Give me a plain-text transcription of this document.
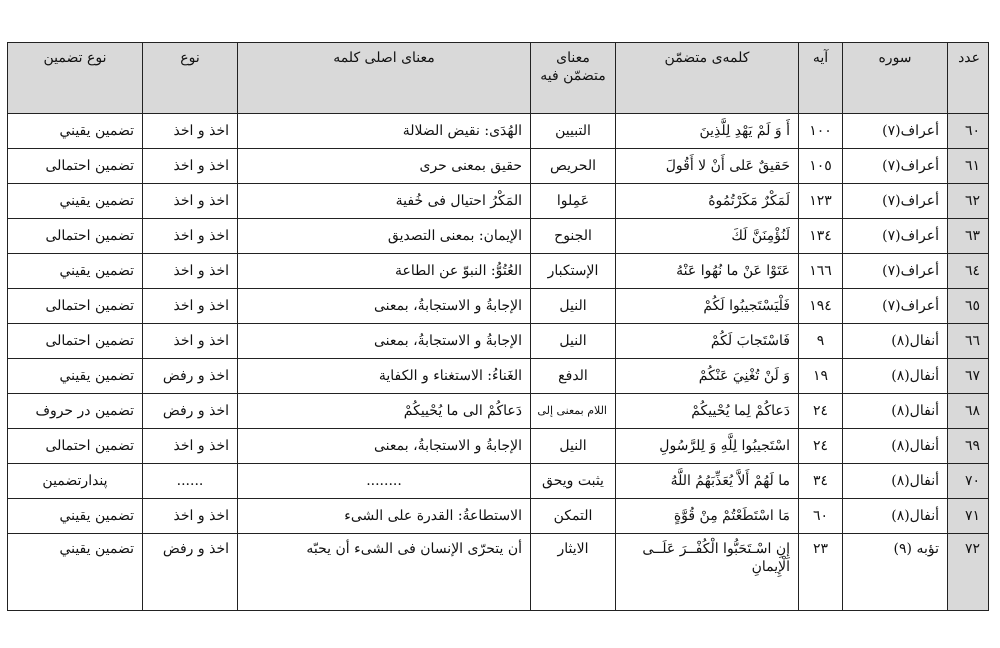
عدد	سوره	آیه	کلمه‌ی متضمّن	معنای متضمّن فیه	معنای اصلی کلمه	نوع	نوع تضمین
٦٠	أعراف(٧)	١٠٠	أَ وَ لَمْ يَهْدِ لِلَّذِينَ	التبيين	الهُدَى: نقيض الضلالة	اخذ و اخذ	تضمين يقيني
٦١	أعراف(٧)	١٠٥	حَقيقٌ عَلى أَنْ لا أَقُولَ	الحريص	حقيق بمعنى حرى	اخذ و اخذ	تضمين احتمالی
٦٢	أعراف(٧)	١٢٣	لَمَكْرٌ مَكَرْتُمُوهُ	عَمِلوا	المَكْرُ احتيال فى خُفية	اخذ و اخذ	تضمين يقيني
٦٣	أعراف(٧)	١٣٤	لَنُؤْمِنَنَّ لَكَ	الجنوح	الإيمان: بمعنى التصديق	اخذ و اخذ	تضمين احتمالی
٦٤	أعراف(٧)	١٦٦	عَتَوْا عَنْ ما نُهُوا عَنْهُ	الإستكبار	العُتُوُّ: النبوّ عن الطاعة	اخذ و اخذ	تضمين يقيني
٦٥	أعراف(٧)	١٩٤	فَلْيَسْتَجيبُوا لَكُمْ	النيل	الإجابةُ و الاستجابةُ، بمعنى	اخذ و اخذ	تضمين احتمالی
٦٦	أنفال(٨)	٩	فَاسْتَجابَ لَكُمْ	النيل	الإجابةُ و الاستجابةُ، بمعنى	اخذ و اخذ	تضمين احتمالی
٦٧	أنفال(٨)	١٩	وَ لَنْ تُغْنِيَ عَنْكُمْ	الدفع	الغَناءُ: الاستغناء و الكفاية	اخذ و رفض	تضمين يقيني
٦٨	أنفال(٨)	٢٤	دَعاكُمْ لِما يُحْييكُمْ	اللام بمعنى إلى	دَعاكُمْ الى ما يُحْييكُمْ	اخذ و رفض	تضمين در حروف
٦٩	أنفال(٨)	٢٤	اسْتَجيبُوا لِلَّهِ وَ لِلرَّسُولِ	النيل	الإجابةُ و الاستجابةُ، بمعنى	اخذ و اخذ	تضمين احتمالی
٧٠	أنفال(٨)	٣٤	ما لَهُمْ أَلاَّ يُعَذِّبَهُمُ اللَّهُ	يثبت ويحق	........	......	پندارتضمین
٧١	أنفال(٨)	٦٠	مَا اسْتَطَعْتُمْ مِنْ قُوَّةٍ	التمكن	الاستطاعةُ: القدرة على الشىء	اخذ و اخذ	تضمين يقيني
٧٢	تؤبه (٩)	٢٣	إِنِ اسْـتَحَبُّوا الْكُفْــرَ عَلَــى الْإِيمانِ	الايثار	أن يتحرّى الإنسان فى الشىء أن يحبّه	اخذ و رفض	تضمين يقيني
